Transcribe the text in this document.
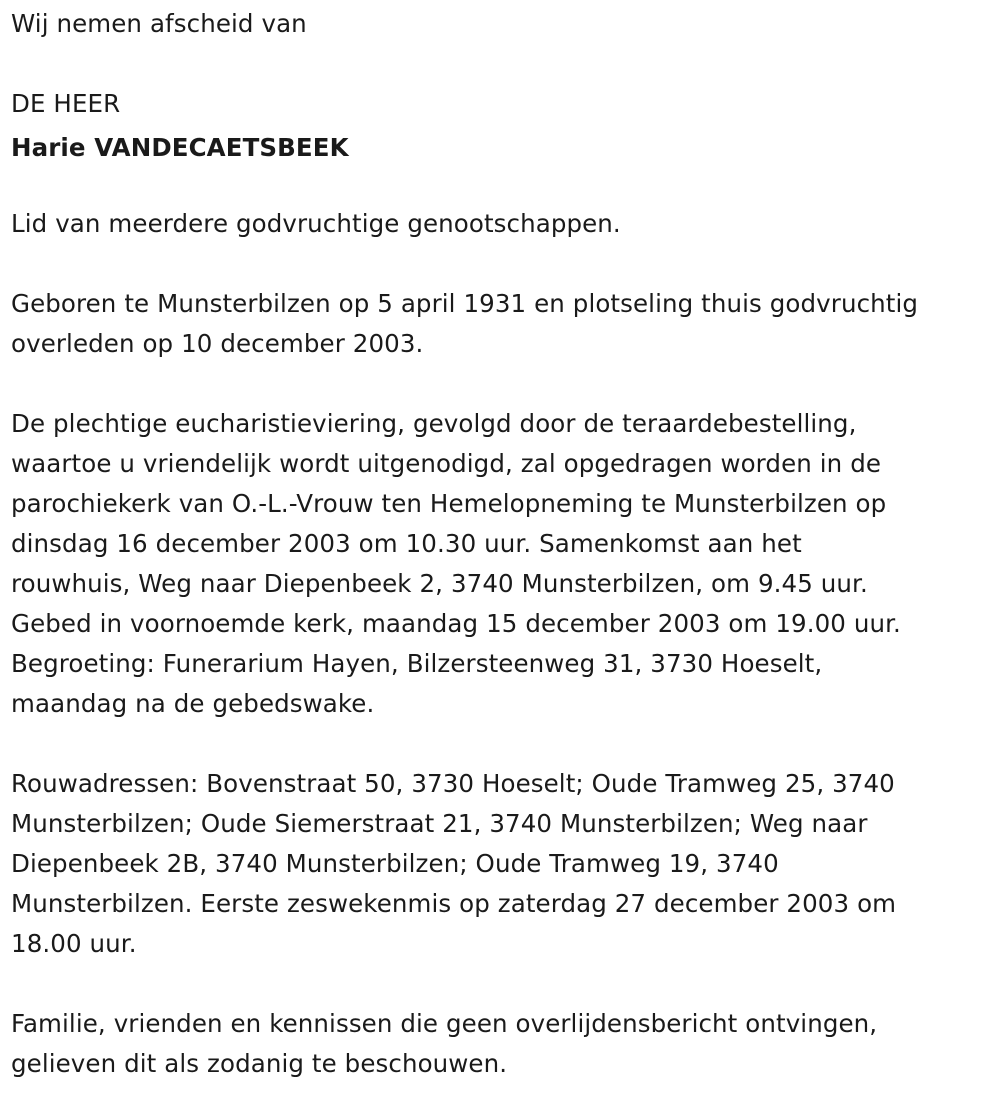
Wij nemen afscheid van
DE HEER
Harie VANDECAETSBEEK
Lid van meerdere godvruchtige genootschappen.
Geboren te Munsterbilzen op 5 april 1931 en plotseling thuis godvruchtig
overleden op 10 december 2003.
De plechtige eucharistieviering, gevolgd door de teraardebestelling,
waartoe u vriendelijk wordt uitgenodigd, zal opgedragen worden in de
parochiekerk van O.-L.-Vrouw ten Hemelopneming te Munsterbilzen op
dinsdag 16 december 2003 om 10.30 uur. Samenkomst aan het
rouwhuis, Weg naar Diepenbeek 2, 3740 Munsterbilzen, om 9.45 uur.
Gebed in voornoemde kerk, maandag 15 december 2003 om 19.00 uur.
Begroeting: Funerarium Hayen, Bilzersteenweg 31, 3730 Hoeselt,
maandag na de gebedswake.
Rouwadressen: Bovenstraat 50, 3730 Hoeselt; Oude Tramweg 25, 3740
Munsterbilzen; Oude Siemerstraat 21, 3740 Munsterbilzen; Weg naar
Diepenbeek 2B, 3740 Munsterbilzen; Oude Tramweg 19, 3740
Munsterbilzen. Eerste zeswekenmis op zaterdag 27 december 2003 om
18.00 uur.
Familie, vrienden en kennissen die geen overlijdensbericht ontvingen,
gelieven dit als zodanig te beschouwen.
